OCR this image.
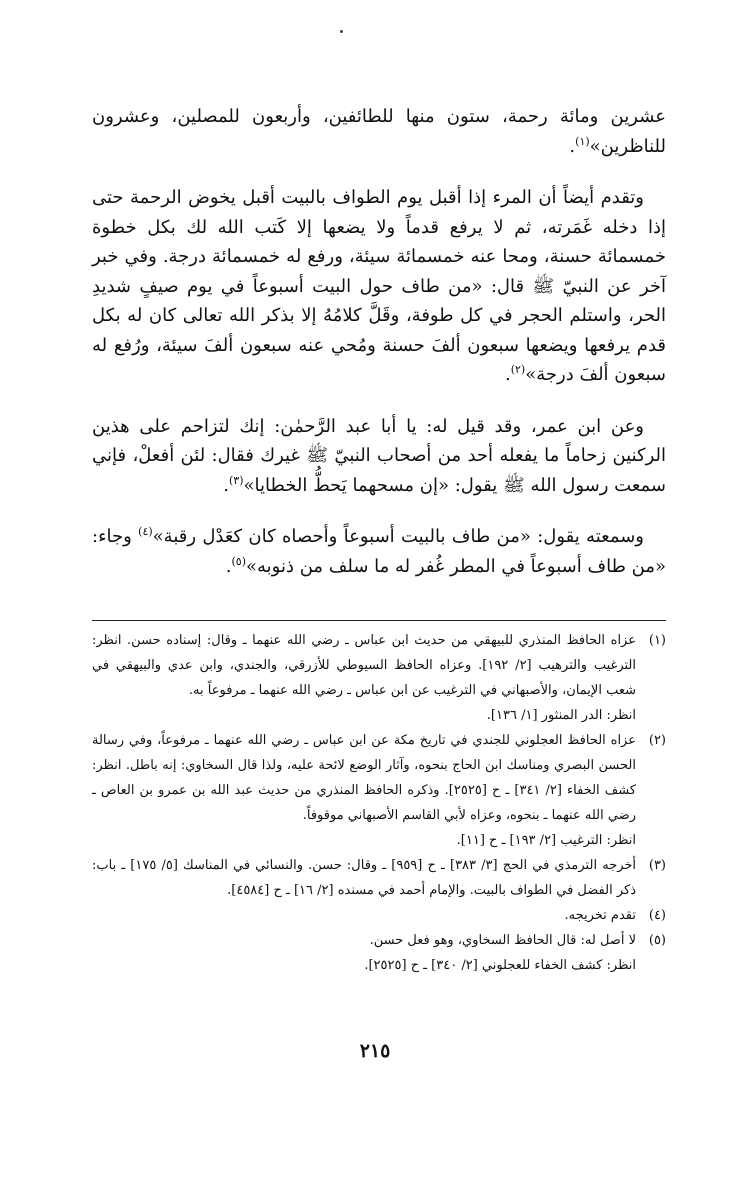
عشرين ومائة رحمة، ستون منها للطائفين، وأربعون للمصلين، وعشرون للناظرين»$^{(١)}$.

وتقدم أيضاً أن المرء إذا أقبل يوم الطواف بالبيت أقبل يخوض الرحمة حتى إذا دخله غَمَرته، ثم لا يرفع قدماً ولا يضعها إلا كَتب الله لك بكل خطوة خمسمائة حسنة، ومحا عنه خمسمائة سيئة، ورفع له خمسمائة درجة. وفي خبر آخر عن النبيّ ﷺ قال: «من طاف حول البيت أسبوعاً في يوم صيفٍ شديدِ الحر، واستلم الحجر في كل طوفة، وقَلَّ كلامُهُ إلا بذكر الله تعالى كان له بكل قدم يرفعها ويضعها سبعون ألفَ حسنة ومُحي عنه سبعون ألفَ سيئة، ورُفع له سبعون ألفَ درجة»$^{(٢)}$.

وعن ابن عمر، وقد قيل له: يا أبا عبد الرَّحمٰن: إنك لتزاحم على هذين الركنين زحاماً ما يفعله أحد من أصحاب النبيّ ﷺ غيرك فقال: لئن أفعلْ، فإني سمعت رسول الله ﷺ يقول: «إن مسحهما يَحطُّ الخطايا»$^{(٣)}$.

وسمعته يقول: «من طاف بالبيت أسبوعاً وأحصاه كان كعَدْل رقبة»$^{(٤)}$ وجاء: «من طاف أسبوعاً في المطر غُفر له ما سلف من ذنوبه»$^{(٥)}$.

(١)

عزاه الحافظ المنذري للبيهقي من حديث ابن عباس ـ رضي الله عنهما ـ وقال: إسناده حسن. انظر: الترغيب والترهيب [٢/ ١٩٢]. وعزاه الحافظ السيوطي للأزرقي، والجندي، وابن عدي والبيهقي في شعب الإيمان، والأصبهاني في الترغيب عن ابن عباس ـ رضي الله عنهما ـ مرفوعاً به.

انظر: الدر المنثور [١/ ١٣٦].

(٢)

عزاه الحافظ العجلوني للجندي في تاريخ مكة عن ابن عباس ـ رضي الله عنهما ـ مرفوعاً، وفي رسالة الحسن البصري ومناسك ابن الحاج بنحوه، وآثار الوضع لائحة عليه، ولذا قال السخاوي: إنه باطل. انظر: كشف الخفاء [٢/ ٣٤١] ـ ح [٢٥٢٥]. وذكره الحافظ المنذري من حديث عبد الله بن عمرو بن العاص ـ رضي الله عنهما ـ بنحوه، وعزاه لأبي القاسم الأصبهاني موقوفاً.

انظر: الترغيب [٢/ ١٩٣] ـ ح [١١].

(٣)

أخرجه الترمذي في الحج [٣/ ٣٨٣] ـ ح [٩٥٩] ـ وقال: حسن. والنسائي في المناسك [٥/ ١٧٥] ـ باب: ذكر الفضل في الطواف بالبيت. والإمام أحمد في مسنده [٢/ ١٦] ـ ح [٤٥٨٤].

(٤)

تقدم تخريجه.

(٥)

لا أصل له: قال الحافظ السخاوي، وهو فعل حسن.

انظر: كشف الخفاء للعجلوني [٢/ ٣٤٠] ـ ح [٢٥٢٥].

٢١٥
